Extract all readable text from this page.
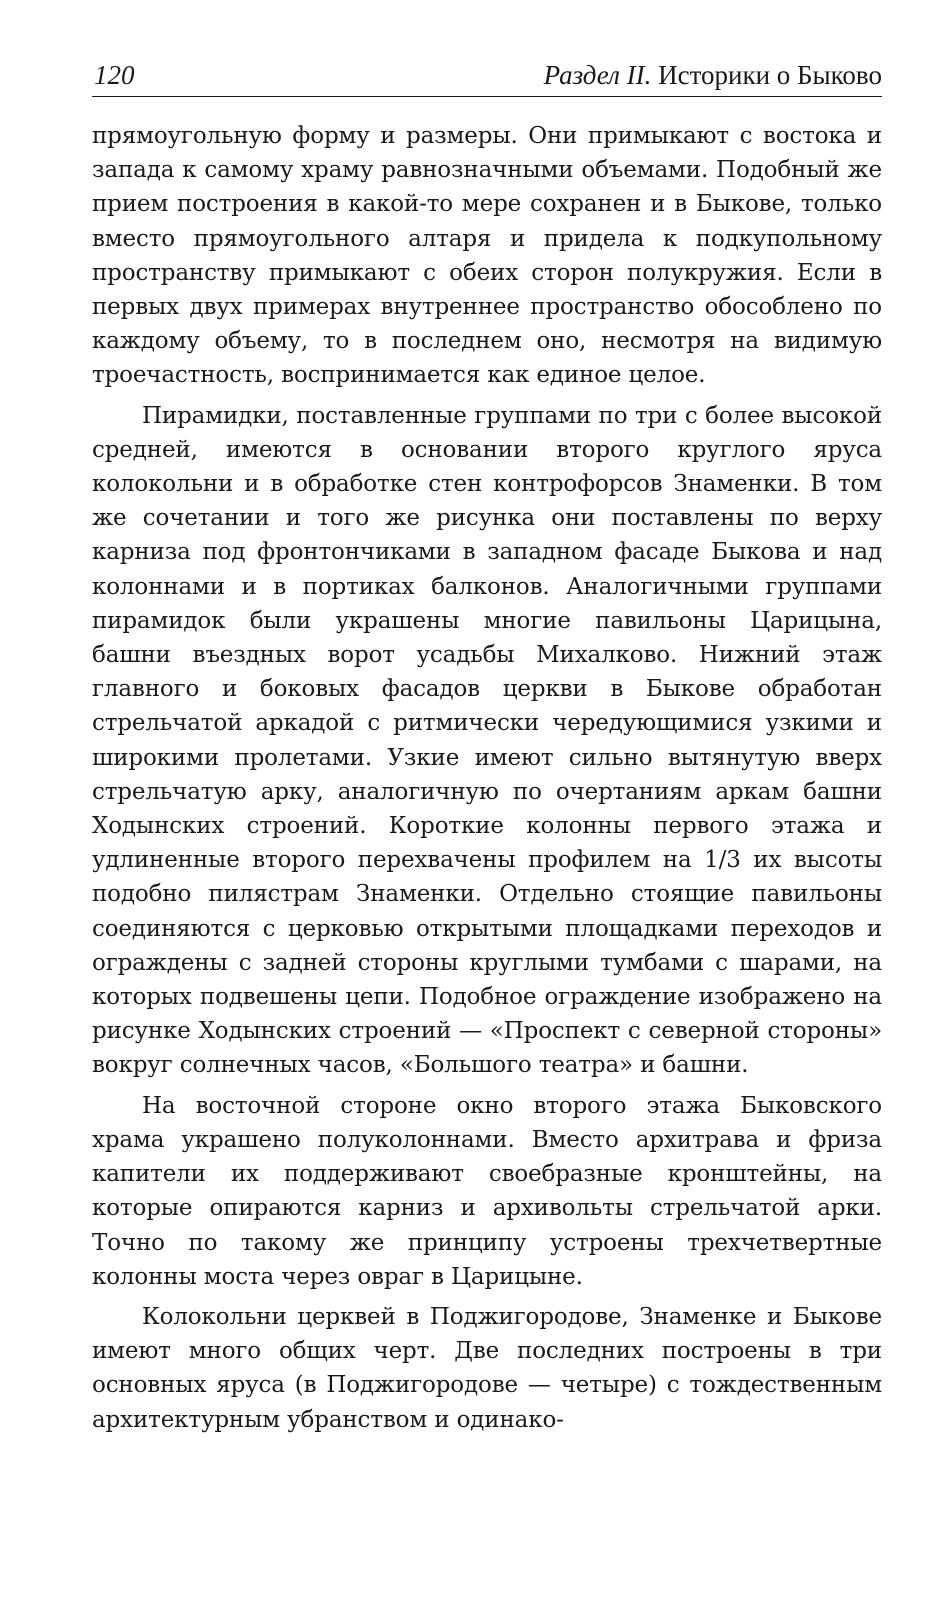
120	Раздел II. Историки о Быково

прямоугольную форму и размеры. Они примыкают с востока и запада к самому храму равнозначными объемами. Подобный же прием построения в какой-то мере сохранен и в Быкове, только вместо прямоугольного алтаря и придела к подкупольному пространству примыкают с обеих сторон полукружия. Если в первых двух примерах внутреннее пространство обособлено по каждому объему, то в последнем оно, несмотря на видимую троечастность, воспринимается как единое целое.

Пирамидки, поставленные группами по три с более высокой средней, имеются в основании второго круглого яруса колокольни и в обработке стен контрофорсов Знаменки. В том же сочетании и того же рисунка они поставлены по верху карниза под фронтончиками в западном фасаде Быкова и над колоннами и в портиках балконов. Аналогичными группами пирамидок были украшены многие павильоны Царицына, башни въездных ворот усадьбы Михалково. Нижний этаж главного и боковых фасадов церкви в Быкове обработан стрельчатой аркадой с ритмически чередующимися узкими и широкими пролетами. Узкие имеют сильно вытянутую вверх стрельчатую арку, аналогичную по очертаниям аркам башни Ходынских строений. Короткие колонны первого этажа и удлиненные второго перехвачены профилем на 1/3 их высоты подобно пилястрам Знаменки. Отдельно стоящие павильоны соединяются с церковью открытыми площадками переходов и ограждены с задней стороны круглыми тумбами с шарами, на которых подвешены цепи. Подобное ограждение изображено на рисунке Ходынских строений — «Проспект с северной стороны» вокруг солнечных часов, «Большого театра» и башни.

На восточной стороне окно второго этажа Быковского храма украшено полуколоннами. Вместо архитрава и фриза капители их поддерживают своебразные кронштейны, на которые опираются карниз и архивольты стрельчатой арки. Точно по такому же принципу устроены трехчетвертные колонны моста через овраг в Царицыне.

Колокольни церквей в Поджигородове, Знаменке и Быкове имеют много общих черт. Две последних построены в три основных яруса (в Поджигородове — четыре) с тождественным архитектурным убранством и одинако-
